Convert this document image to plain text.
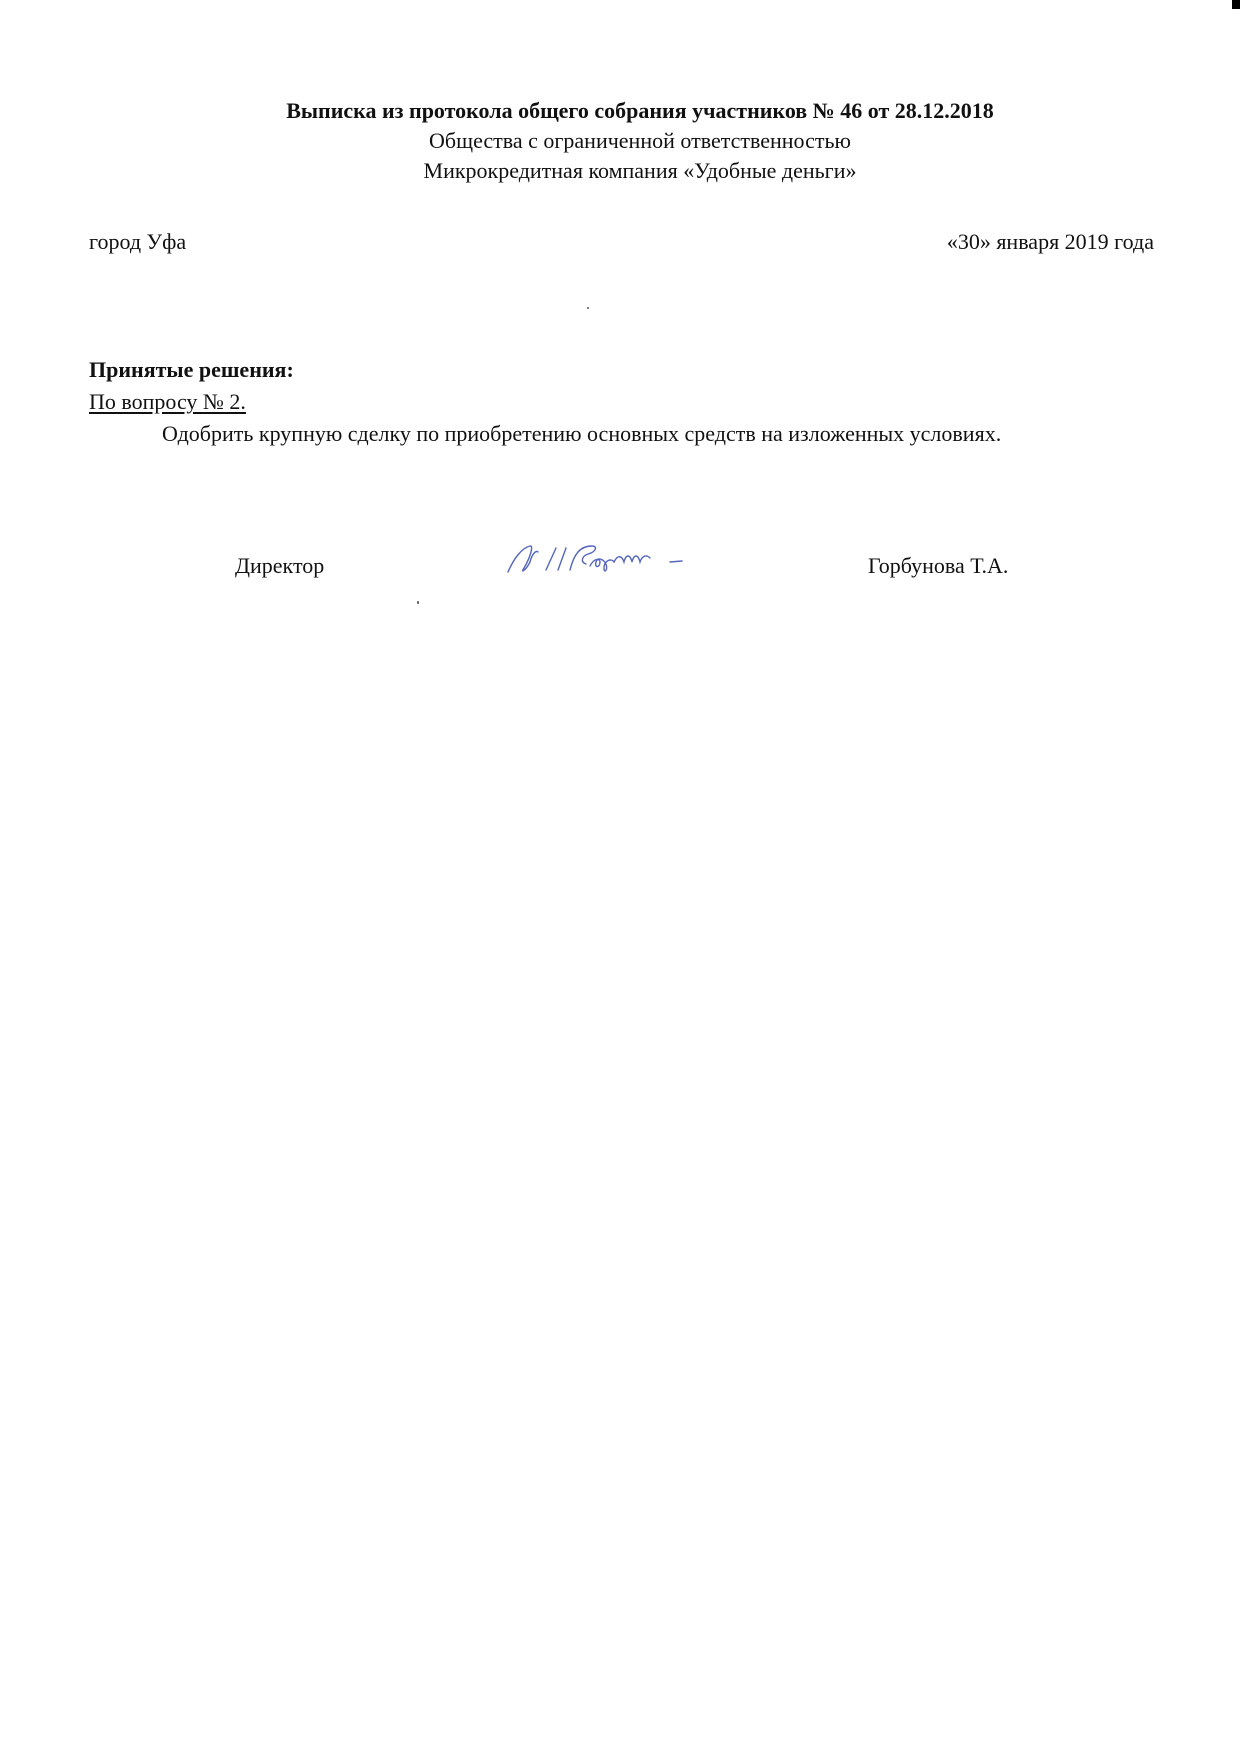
Выписка из протокола общего собрания участников № 46 от 28.12.2018
Общества с ограниченной ответственностью
Микрокредитная компания «Удобные деньги»
город Уфа	«30» января 2019 года
Принятые решения:
По вопросу № 2.
Одобрить крупную сделку по приобретению основных средств на изложенных условиях.
Директор	Горбунова Т.А.
